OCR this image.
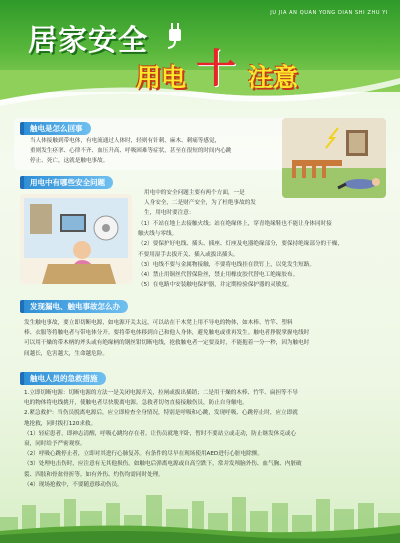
JU JIA AN QUAN YONG DIAN SHI ZHU YI
居家安全
用电 十 注意
触电是怎么回事
当人体接触到带电体，有电流通过人体时，轻则有针刺、麻木、刺痛等感觉，
重则发生痉挛、心律不齐、血压升高、呼吸困难等症状，甚至在很短的时间内心跳
停止、死亡，这就是触电事故。
用电中有哪些安全问题
用电中的安全问题主要有两个方面，一是
人身安全，二是财产安全，为了杜绝事故的发
生，用电时要注意：
（1）不站在地上去接触火线；站在绝缘体上，穿青绝缘鞋也不能让身体同时接
触火线与零线。
（2）要保护好电线、插头、插座、灯座及电器绝缘部分，要保持绝缘部分的干燥，
不要用湿手去拔开关、插入或拔出插头。
（3）电线不要与金属物接触，不要将电线挂在铁钉上，以免发生短路。
（4）禁止用铜丝代替保险丝，禁止用橡皮胶代替电工绝缘胶布。
（5）在电路中安装触电保护器，并定期检验保护器的灵敏度。
发现漏电、触电事故怎么办
发生触电事故，要立即切断电源，如电源开关太远，可以站在干木凳上用不导电的物体，如木棒、竹竿、塑料
棒、衣服等将触电者与带电体分开。要将带电体移到自己和他人身体，避免触电或重再发生。触电者挣脱掌握电线时
可以用干燥的带木柄的斧头或有绝缘柄的钢丝钳切断电线，抢救触电者一定要及时，不能抱着一分一秒，因为触电时
间越长，危害越大，生命越危险。
触电人员的急救措施
1.立即切断电源：切断电源的方法一是关闭电源开关，拉闸或拔出插销；二是用干燥的木棒、竹竿、扁担等不导
电的物体将电线挑开，使触电者尽快脱离电源。急救者切勿直接接触伤员，防止自身触电。
2.紧急救护：当伤员脱离电源后，应立即检查全身情况，特别是呼吸和心跳，发现呼吸、心跳停止时，应立即就
地抢救，同时拨打120求救。
（1）轻症患者，即神志清醒，呼吸心跳均存在者。让伤员就地平卧，暂时不要站立或走动，防止继发休克或心
衰，同时给予严密观察。
（2）呼吸心跳停止者，立即对其进行心肺复苏。有条件的尽早在现场使用AED进行心脏电除颤。
（3）处理电击伤时，应注意有无其他损伤。如触电后弹离电源或自高空跌下，常并发颅脑外伤、血气胸、内脏破
裂、四肢和骨盆骨折等。如有外伤、灼伤均需同时处理。
（4）现场抢救中，不要随意移动伤员。
